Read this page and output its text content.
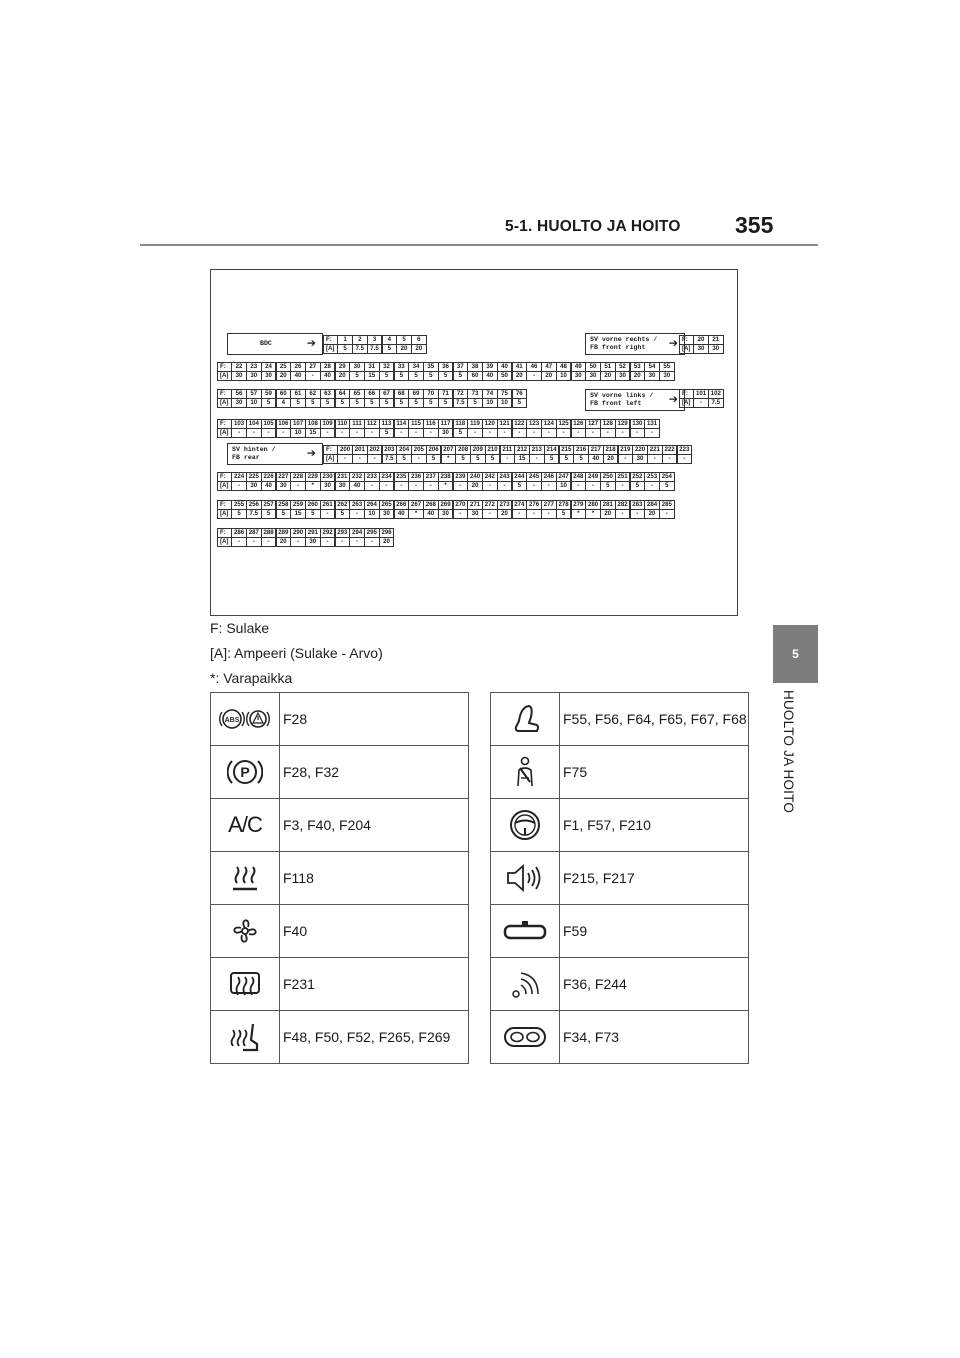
5-1. HUOLTO JA HOITO 355
5
HUOLTO JA HOITO
BDC	➔	SV vorne rechts /
FB front right	➔
SV vorne links /
FB front left	➔
SV hinten /
FB rear	➔
F:	1	2	3	4	5	6
[A]	5	7.5	7.5	5	20	20
F:	20	21
[A]	30	30
F:	22	23	24	25	26	27	28	29	30	31	32	33	34	35	36	37	38	39	40	41	46	47	48	49	50	51	52	53	54	55
[A]	30	30	30	20	40	-	40	20	5	15	5	5	5	5	5	5	60	40	50	20	-	20	10	30	30	20	30	20	30	30
F:	56	57	59	60	61	62	63	64	65	66	67	68	69	70	71	72	73	74	75	76
[A]	30	10	5	4	5	5	5	5	5	5	5	5	5	5	5	7.5	5	10	10	5
F:	101 102
[A]	-	7.5
F:	103 104 105 106 107 108 109 110 111 112 113 114 115 116 117 118 119 120 121 122 123 124 125 126 127 128 129 130 131
[A]	-	-	-	-	10	15	-	-	-	-	5	-	-	-	30	5	-	-	-	-	-	-	-	-	-	-	-	-	-
F:	200 201 202 203 204 205 206 207 208 209 210 211 212 213 214 215 216 217 218 219 220 221 222 223
[A]	-	-	-	7.5	5	-	5	*	5	5	5	-	15	-	5	5	5	40	20	-	30	-	-	-
F:	224 225 226 227 228 229 230 231 232 233 234 235 236 237 238 239 240 242 243 244 245 246 247 248 249 250 251 252 253 254
[A]	-	30	40	30	-	*	30	30	40	-	-	-	-	-	*	-	20	-	-	5	-	-	10	-	-	5	-	5	-	5
F:	255 256 257 258 259 260 261 262 263 264 265 266 267 268 269 270 271 272 273 274 276 277 278 279 280 281 282 283 284 285
[A]	5	7.5	5	5	15	5	-	5	-	10	30	40	*	40	30	-	30	-	20	-	-	-	5	*	*	20	-	-	20	-
F:	286 287 288 289 290 291 292 293 294 295 296
[A]	-	-	-	20	-	30	-	-	-	-	20
F: Sulake
[A]: Ampeeri (Sulake - Arvo)
*: Varapaikka
ABS	F28

P	F28, F32
A/C	F3, F40, F204
	F118
	F40
	F231
	F48, F50, F52, F265, F269
	F55, F56, F64, F65, F67, F68
	F75
	F1, F57, F210
	F215, F217
	F59
	F36, F244
	F34, F73
